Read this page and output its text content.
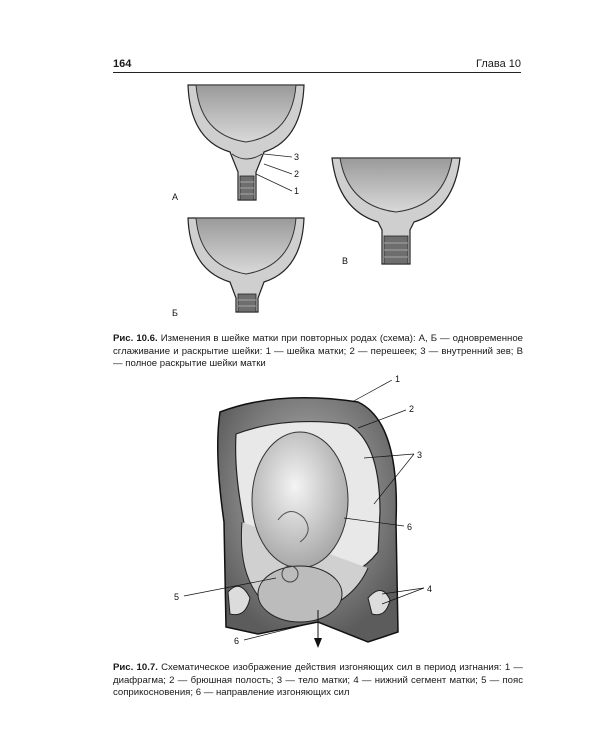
164	Глава 10
3
2
1
А
Б
В
Рис. 10.6. Изменения в шейке матки при повторных родах (схема): А, Б — одновременное сглаживание и раскрытие шейки: 1 — шейка матки; 2 — перешеек; 3 — внутренний зев; В — полное раскрытие шейки матки
1
2
3
6
5
4
6
Рис. 10.7. Схематическое изображение действия изгоняющих сил в период изгнания: 1 — диафрагма; 2 — брюшная полость; 3 — тело матки; 4 — нижний сегмент матки; 5 — пояс соприкосновения; 6 — направление изгоняющих сил
